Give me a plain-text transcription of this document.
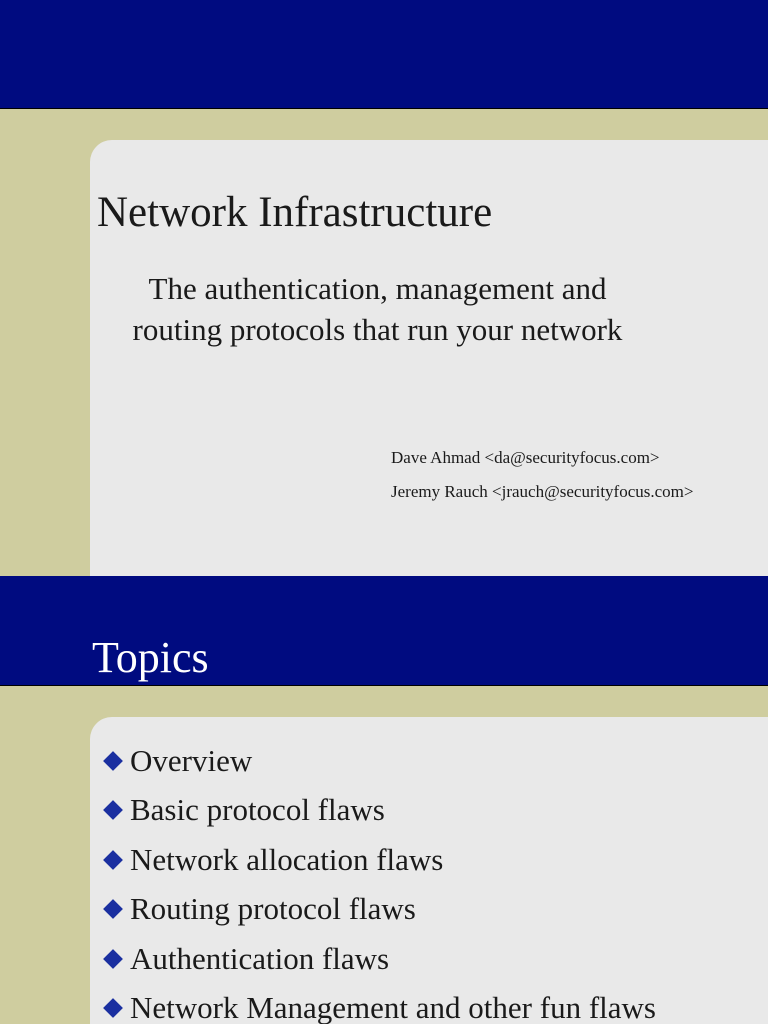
Network Infrastructure
The authentication, management and routing protocols that run your network
Dave Ahmad <da@securityfocus.com>
Jeremy Rauch <jrauch@securityfocus.com>
Topics
Overview
Basic protocol flaws
Network allocation flaws
Routing protocol flaws
Authentication flaws
Network Management and other fun flaws
